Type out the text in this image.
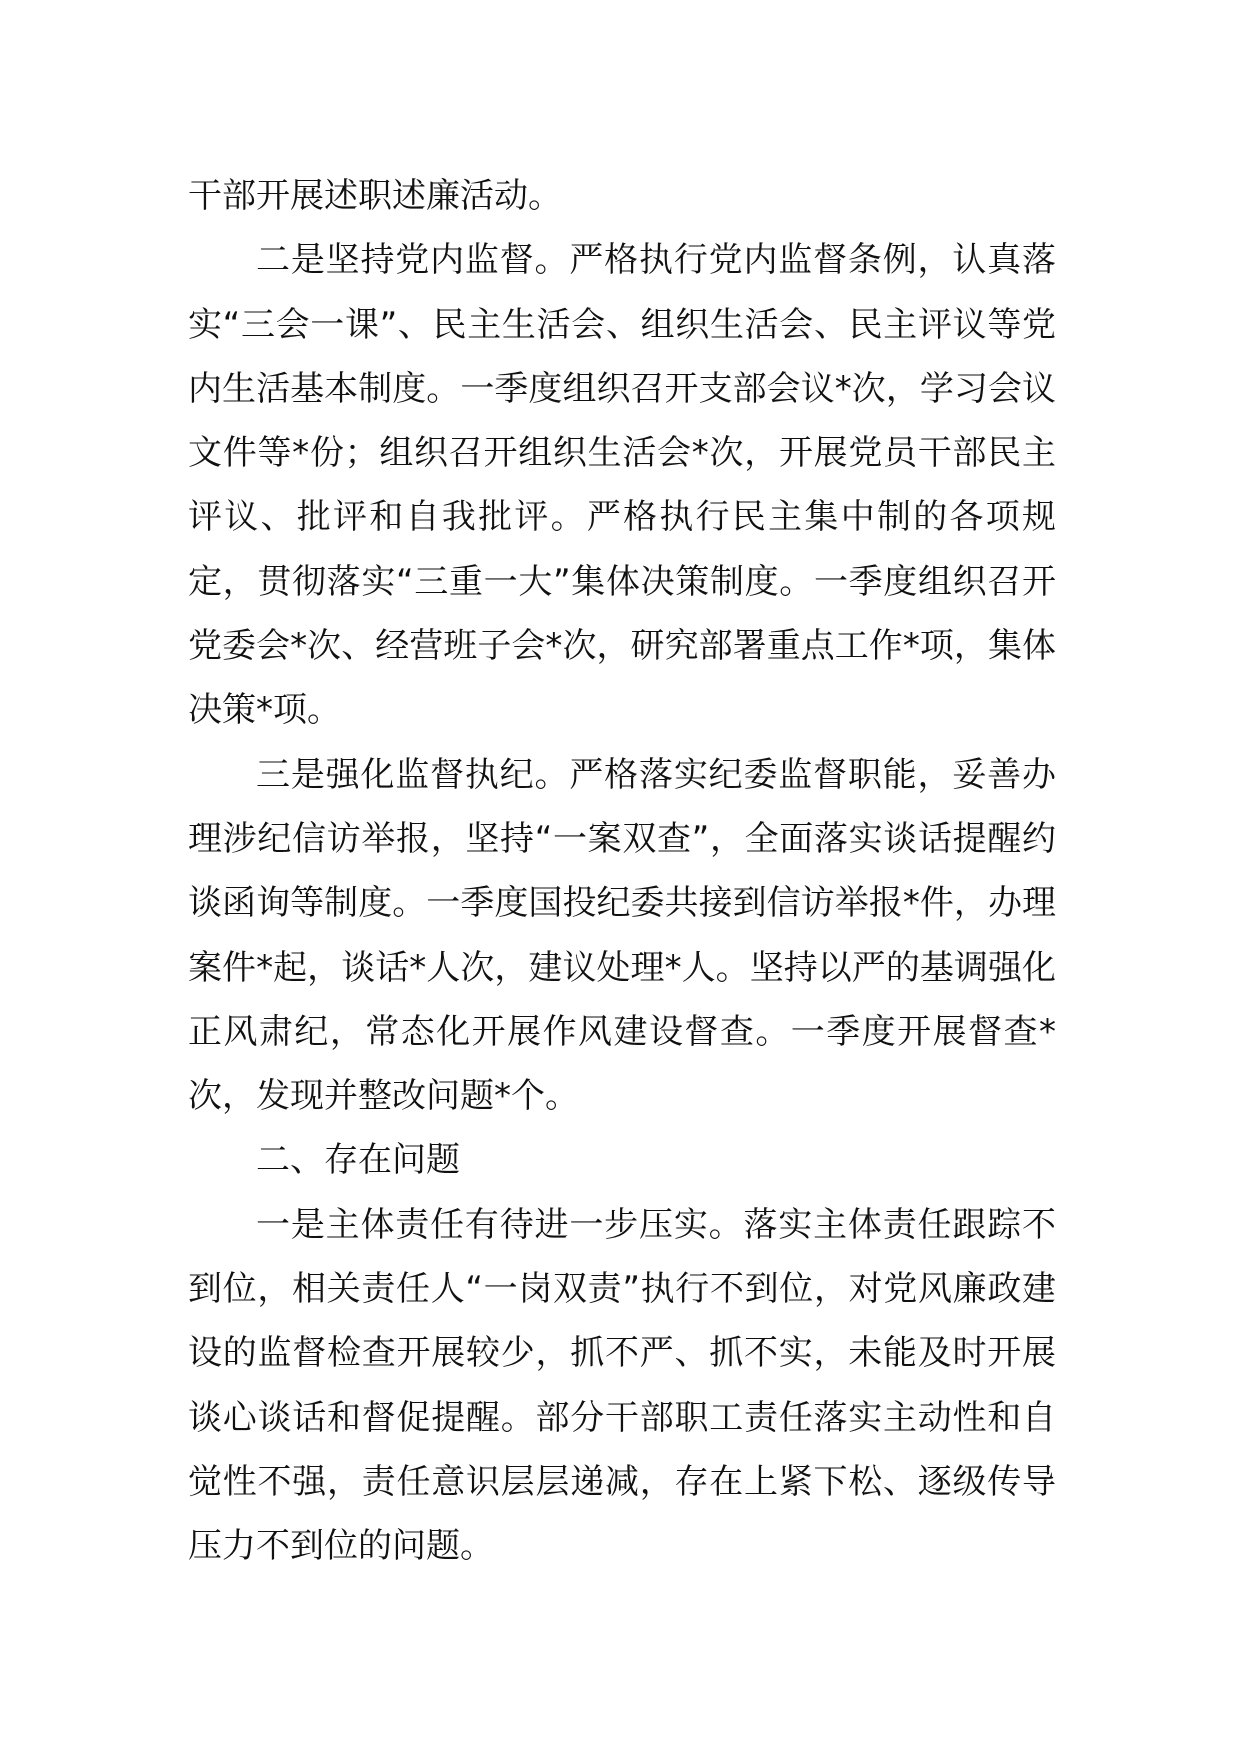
干部开展述职述廉活动。

二是坚持党内监督。严格执行党内监督条例，认真落实“三会一课”、民主生活会、组织生活会、民主评议等党内生活基本制度。一季度组织召开支部会议*次，学习会议文件等*份；组织召开组织生活会*次，开展党员干部民主评议、批评和自我批评。严格执行民主集中制的各项规定，贯彻落实“三重一大”集体决策制度。一季度组织召开党委会*次、经营班子会*次，研究部署重点工作*项，集体决策*项。

三是强化监督执纪。严格落实纪委监督职能，妥善办理涉纪信访举报，坚持“一案双查”，全面落实谈话提醒约谈函询等制度。一季度国投纪委共接到信访举报*件，办理案件*起，谈话*人次，建议处理*人。坚持以严的基调强化正风肃纪，常态化开展作风建设督查。一季度开展督查*次，发现并整改问题*个。

二、存在问题

一是主体责任有待进一步压实。落实主体责任跟踪不到位，相关责任人“一岗双责”执行不到位，对党风廉政建设的监督检查开展较少，抓不严、抓不实，未能及时开展谈心谈话和督促提醒。部分干部职工责任落实主动性和自觉性不强，责任意识层层递减，存在上紧下松、逐级传导压力不到位的问题。
